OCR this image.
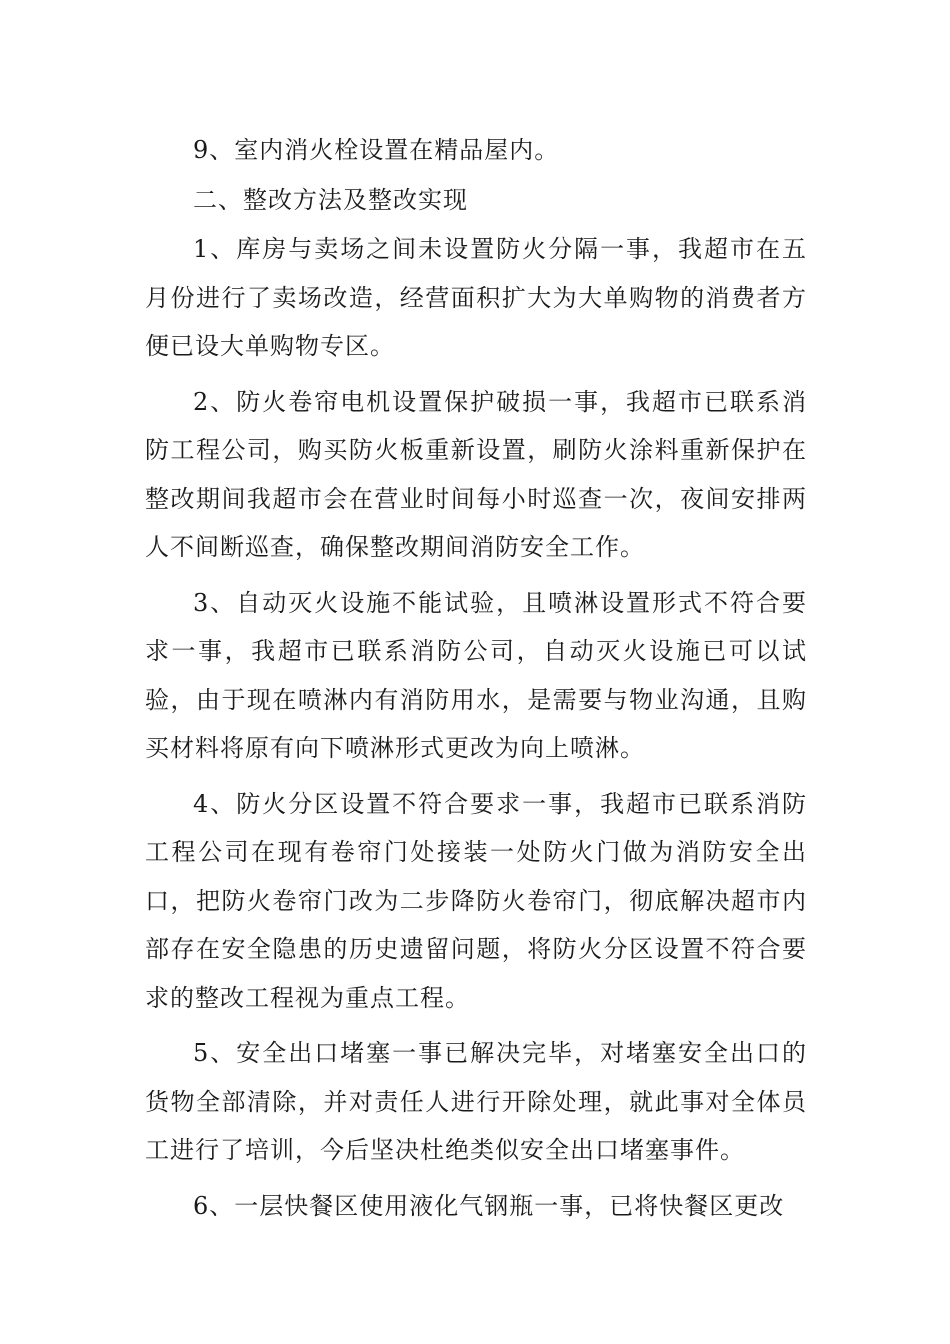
9、室内消火栓设置在精品屋内。

二、整改方法及整改实现

1、库房与卖场之间未设置防火分隔一事，我超市在五月份进行了卖场改造，经营面积扩大为大单购物的消费者方便已设大单购物专区。

2、防火卷帘电机设置保护破损一事，我超市已联系消防工程公司，购买防火板重新设置，刷防火涂料重新保护在整改期间我超市会在营业时间每小时巡查一次，夜间安排两人不间断巡查，确保整改期间消防安全工作。

3、自动灭火设施不能试验，且喷淋设置形式不符合要求一事，我超市已联系消防公司，自动灭火设施已可以试验，由于现在喷淋内有消防用水，是需要与物业沟通，且购买材料将原有向下喷淋形式更改为向上喷淋。

4、防火分区设置不符合要求一事，我超市已联系消防工程公司在现有卷帘门处接装一处防火门做为消防安全出口，把防火卷帘门改为二步降防火卷帘门，彻底解决超市内部存在安全隐患的历史遗留问题，将防火分区设置不符合要求的整改工程视为重点工程。

5、安全出口堵塞一事已解决完毕，对堵塞安全出口的货物全部清除，并对责任人进行开除处理，就此事对全体员工进行了培训，今后坚决杜绝类似安全出口堵塞事件。

6、一层快餐区使用液化气钢瓶一事，已将快餐区更改
